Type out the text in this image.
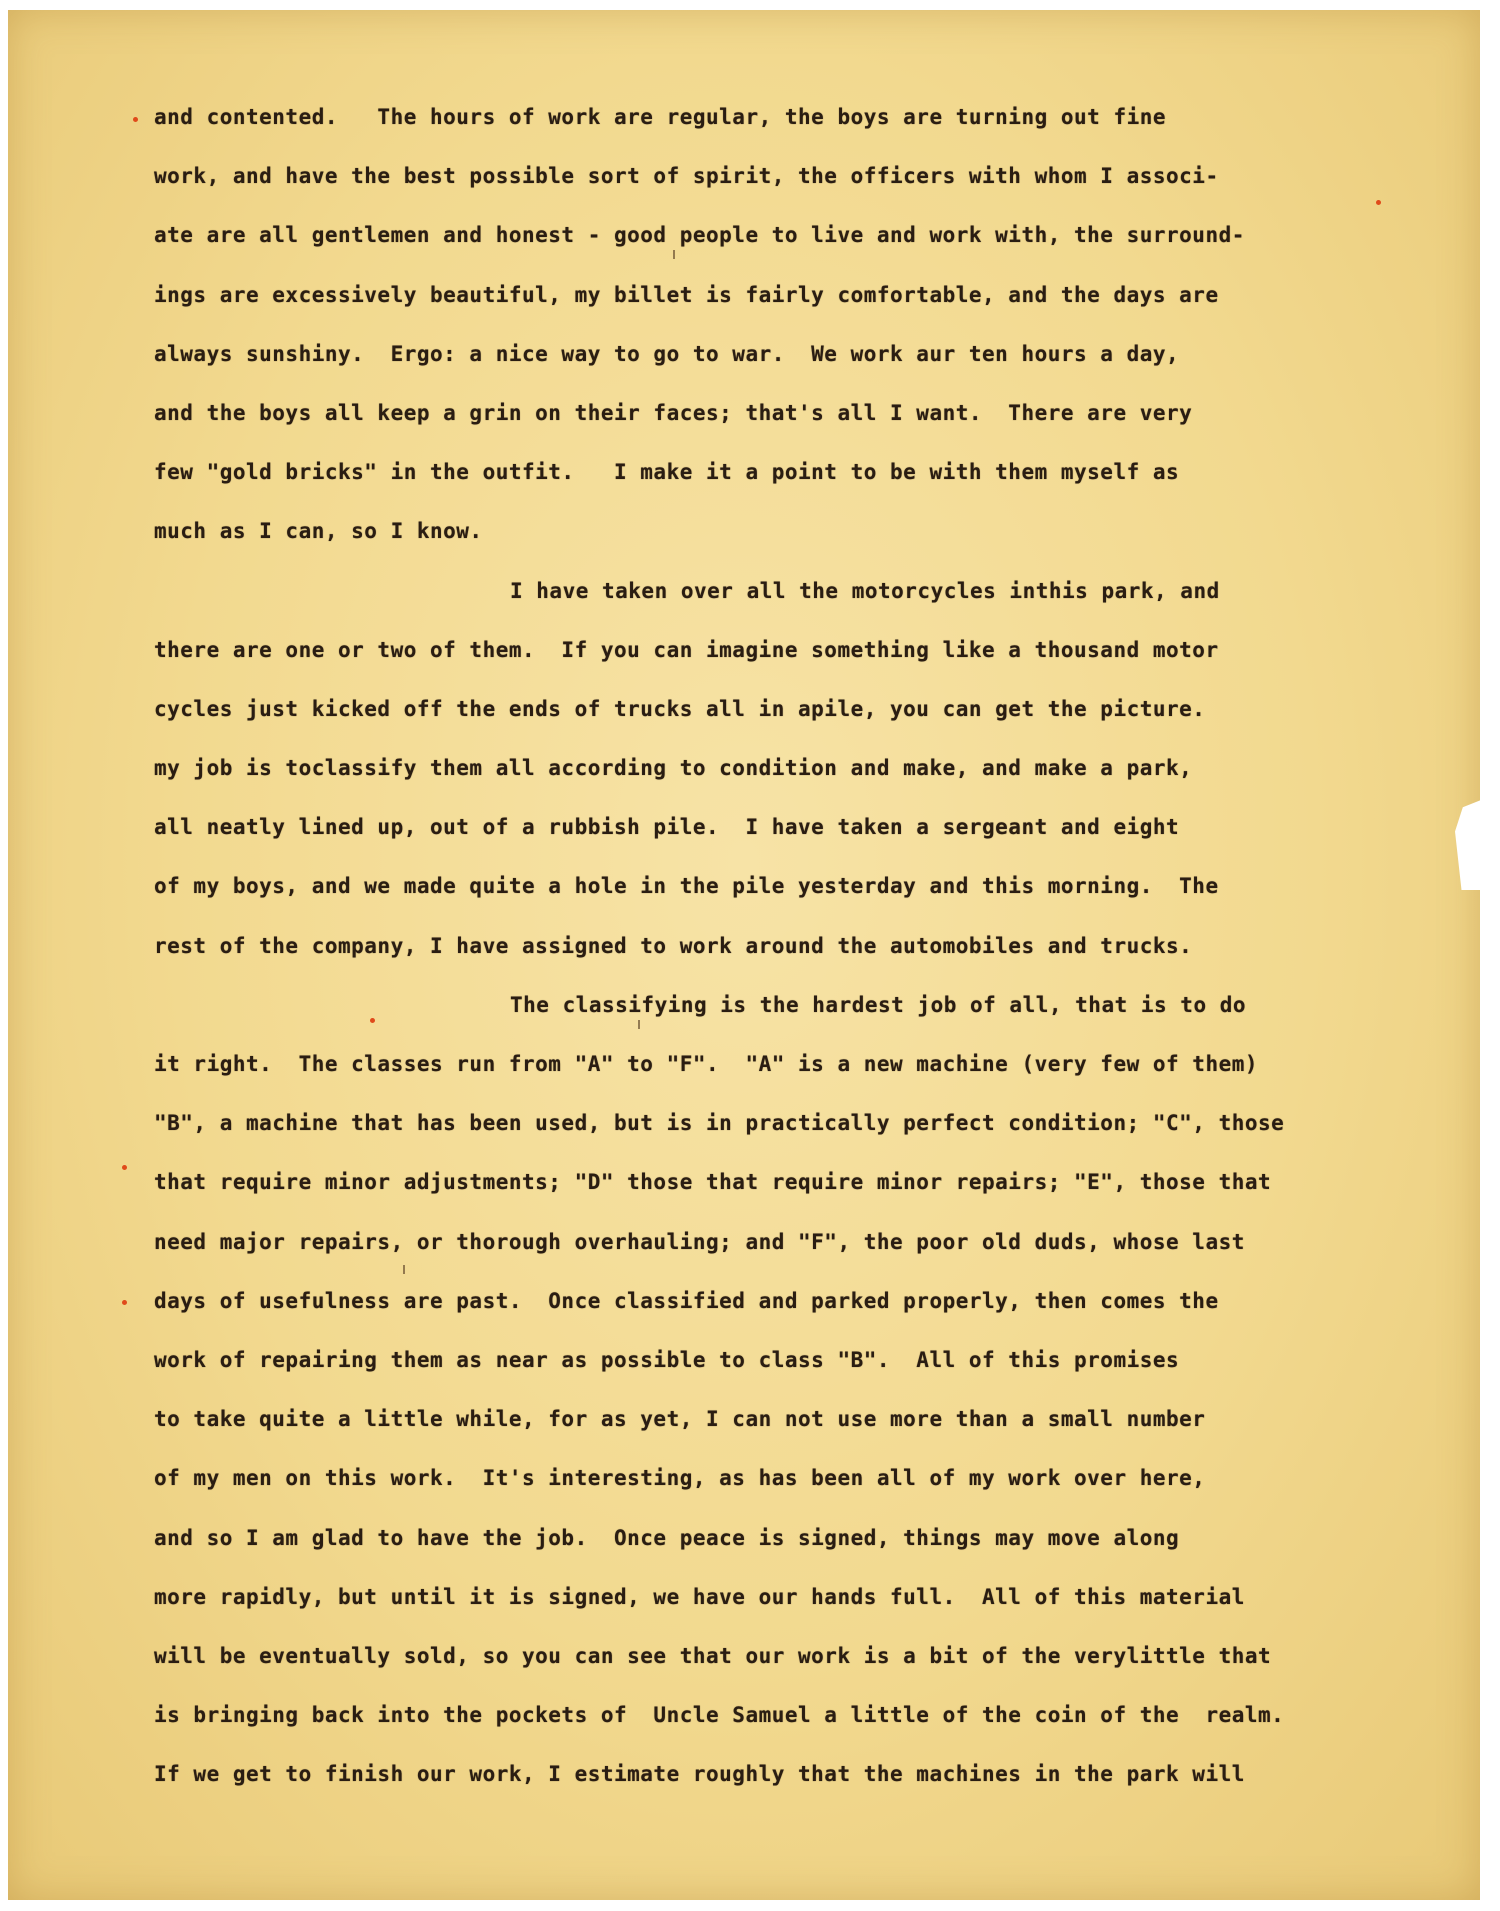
and contented.   The hours of work are regular, the boys are turning out fine
work, and have the best possible sort of spirit, the officers with whom I associ-
ate are all gentlemen and honest - good people to live and work with, the surround-
ings are excessively beautiful, my billet is fairly comfortable, and the days are
always sunshiny.  Ergo: a nice way to go to war.  We work aur ten hours a day,
and the boys all keep a grin on their faces; that's all I want.  There are very
few "gold bricks" in the outfit.   I make it a point to be with them myself as
much as I can, so I know.
I have taken over all the motorcycles inthis park, and
there are one or two of them.  If you can imagine something like a thousand motor
cycles just kicked off the ends of trucks all in apile, you can get the picture.
my job is toclassify them all according to condition and make, and make a park,
all neatly lined up, out of a rubbish pile.  I have taken a sergeant and eight
of my boys, and we made quite a hole in the pile yesterday and this morning.  The
rest of the company, I have assigned to work around the automobiles and trucks.
The classifying is the hardest job of all, that is to do
it right.  The classes run from "A" to "F".  "A" is a new machine (very few of them)
"B", a machine that has been used, but is in practically perfect condition; "C", those
that require minor adjustments; "D" those that require minor repairs; "E", those that
need major repairs, or thorough overhauling; and "F", the poor old duds, whose last
days of usefulness are past.  Once classified and parked properly, then comes the
work of repairing them as near as possible to class "B".  All of this promises
to take quite a little while, for as yet, I can not use more than a small number
of my men on this work.  It's interesting, as has been all of my work over here,
and so I am glad to have the job.  Once peace is signed, things may move along
more rapidly, but until it is signed, we have our hands full.  All of this material
will be eventually sold, so you can see that our work is a bit of the verylittle that
is bringing back into the pockets of  Uncle Samuel a little of the coin of the  realm.
If we get to finish our work, I estimate roughly that the machines in the park will
